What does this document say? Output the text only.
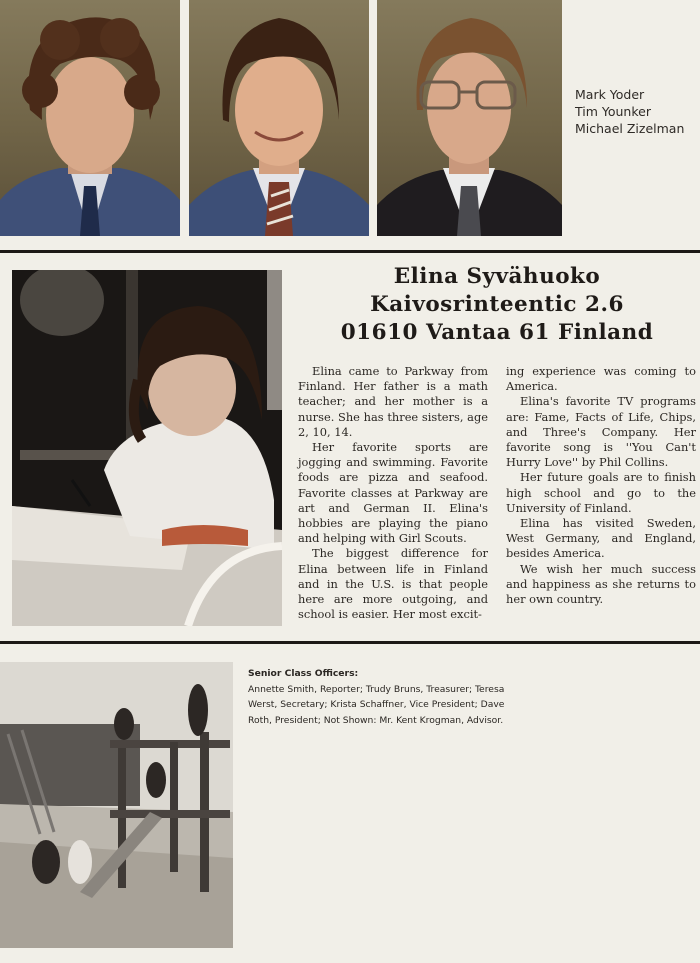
Mark Yoder
Tim Younker
Michael Zizelman
Elina Syvähuoko
Kaivosrinteentic 2.6
01610 Vantaa 61 Finland

Elina came to Parkway from Finland. Her father is a math teacher; and her mother is a nurse. She has three sisters, age 2, 10, 14.

Her favorite sports are jogging and swimming. Favorite foods are pizza and seafood. Favorite classes at Parkway are art and German II. Elina's hobbies are playing the piano and helping with Girl Scouts.

The biggest difference for Elina between life in Finland and in the U.S. is that people here are more outgoing, and school is easier. Her most excit-

ing experience was coming to America.

Elina's favorite TV programs are: Fame, Facts of Life, Chips, and Three's Company. Her favorite song is ''You Can't Hurry Love'' by Phil Collins.

Her future goals are to finish high school and go to the University of Finland.

Elina has visited Sweden, West Germany, and England, besides America.

We wish her much success and happiness as she returns to her own country.

Senior Class Officers:
Annette Smith, Reporter; Trudy Bruns, Treasurer; Teresa
Werst, Secretary; Krista Schaffner, Vice President; Dave
Roth, President; Not Shown: Mr. Kent Krogman, Advisor.
